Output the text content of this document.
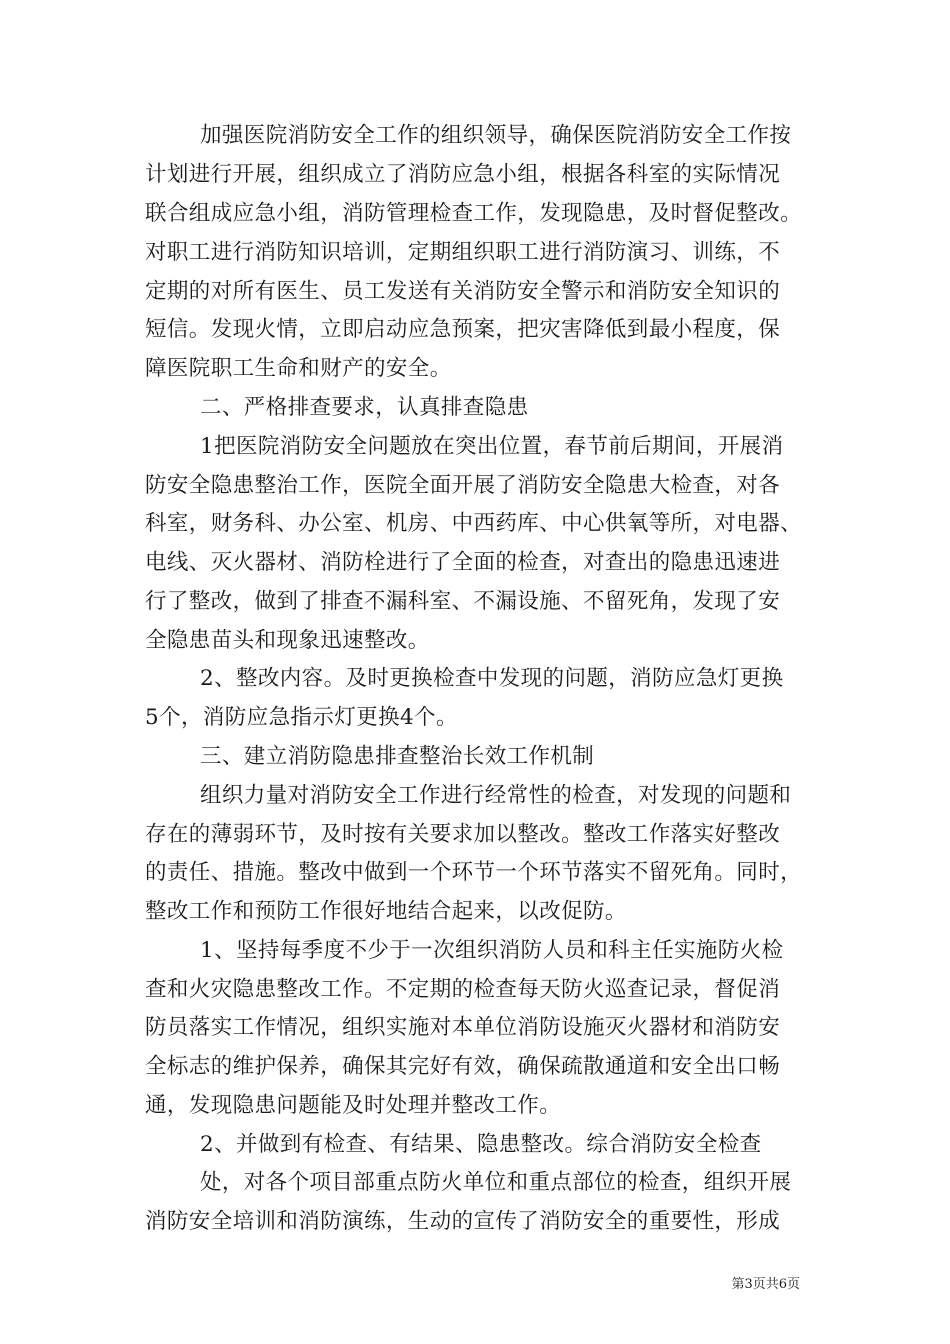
加强医院消防安全工作的组织领导，确保医院消防安全工作按
计划进行开展，组织成立了消防应急小组，根据各科室的实际情况
联合组成应急小组，消防管理检查工作，发现隐患，及时督促整改。
对职工进行消防知识培训，定期组织职工进行消防演习、训练，不
定期的对所有医生、员工发送有关消防安全警示和消防安全知识的
短信。发现火情，立即启动应急预案，把灾害降低到最小程度，保
障医院职工生命和财产的安全。
二、严格排查要求，认真排查隐患
1把医院消防安全问题放在突出位置，春节前后期间，开展消
防安全隐患整治工作，医院全面开展了消防安全隐患大检查，对各
科室，财务科、办公室、机房、中西药库、中心供氧等所，对电器、
电线、灭火器材、消防栓进行了全面的检查，对查出的隐患迅速进
行了整改，做到了排查不漏科室、不漏设施、不留死角，发现了安
全隐患苗头和现象迅速整改。
2、整改内容。及时更换检查中发现的问题，消防应急灯更换
5个，消防应急指示灯更换4个。
三、建立消防隐患排查整治长效工作机制
组织力量对消防安全工作进行经常性的检查，对发现的问题和
存在的薄弱环节，及时按有关要求加以整改。整改工作落实好整改
的责任、措施。整改中做到一个环节一个环节落实不留死角。同时，
整改工作和预防工作很好地结合起来，以改促防。
1、坚持每季度不少于一次组织消防人员和科主任实施防火检
查和火灾隐患整改工作。不定期的检查每天防火巡查记录，督促消
防员落实工作情况，组织实施对本单位消防设施灭火器材和消防安
全标志的维护保养，确保其完好有效，确保疏散通道和安全出口畅
通，发现隐患问题能及时处理并整改工作。
2、并做到有检查、有结果、隐患整改。综合消防安全检查
处，对各个项目部重点防火单位和重点部位的检查，组织开展
消防安全培训和消防演练，生动的宣传了消防安全的重要性，形成
第3页共6页
